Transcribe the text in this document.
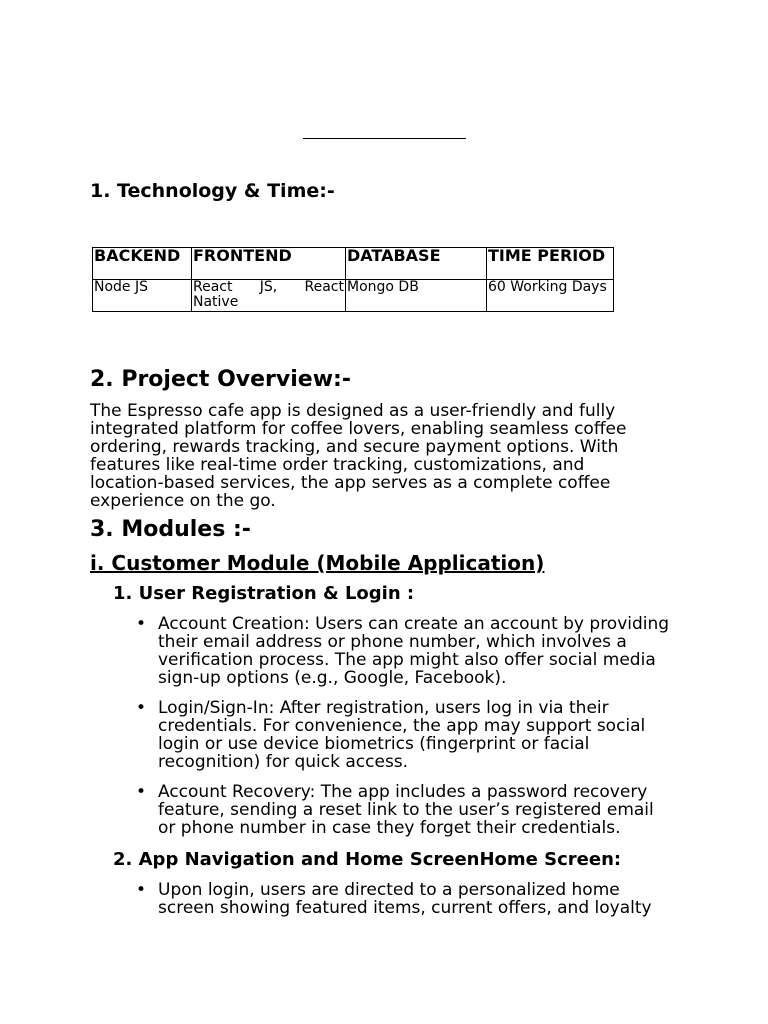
1. Technology & Time:-
BACKEND	FRONTEND	DATABASE	TIME PERIOD
Node JS	React JS, React Native	Mongo DB	60 Working Days
2. Project Overview:-

The Espresso cafe app is designed as a user-friendly and fully integrated platform for coffee lovers, enabling seamless coffee ordering, rewards tracking, and secure payment options. With features like real-time order tracking, customizations, and location-based services, the app serves as a complete coffee experience on the go.

3. Modules :-
i. Customer Module (Mobile Application)
1. User Registration & Login :
• Account Creation: Users can create an account by providing their email address or phone number, which involves a verification process. The app might also offer social media sign-up options (e.g., Google, Facebook).
• Login/Sign-In: After registration, users log in via their credentials. For convenience, the app may support social login or use device biometrics (fingerprint or facial recognition) for quick access.
• Account Recovery: The app includes a password recovery feature, sending a reset link to the user’s registered email or phone number in case they forget their credentials.
2. App Navigation and Home ScreenHome Screen:
• Upon login, users are directed to a personalized home screen showing featured items, current offers, and loyalty
